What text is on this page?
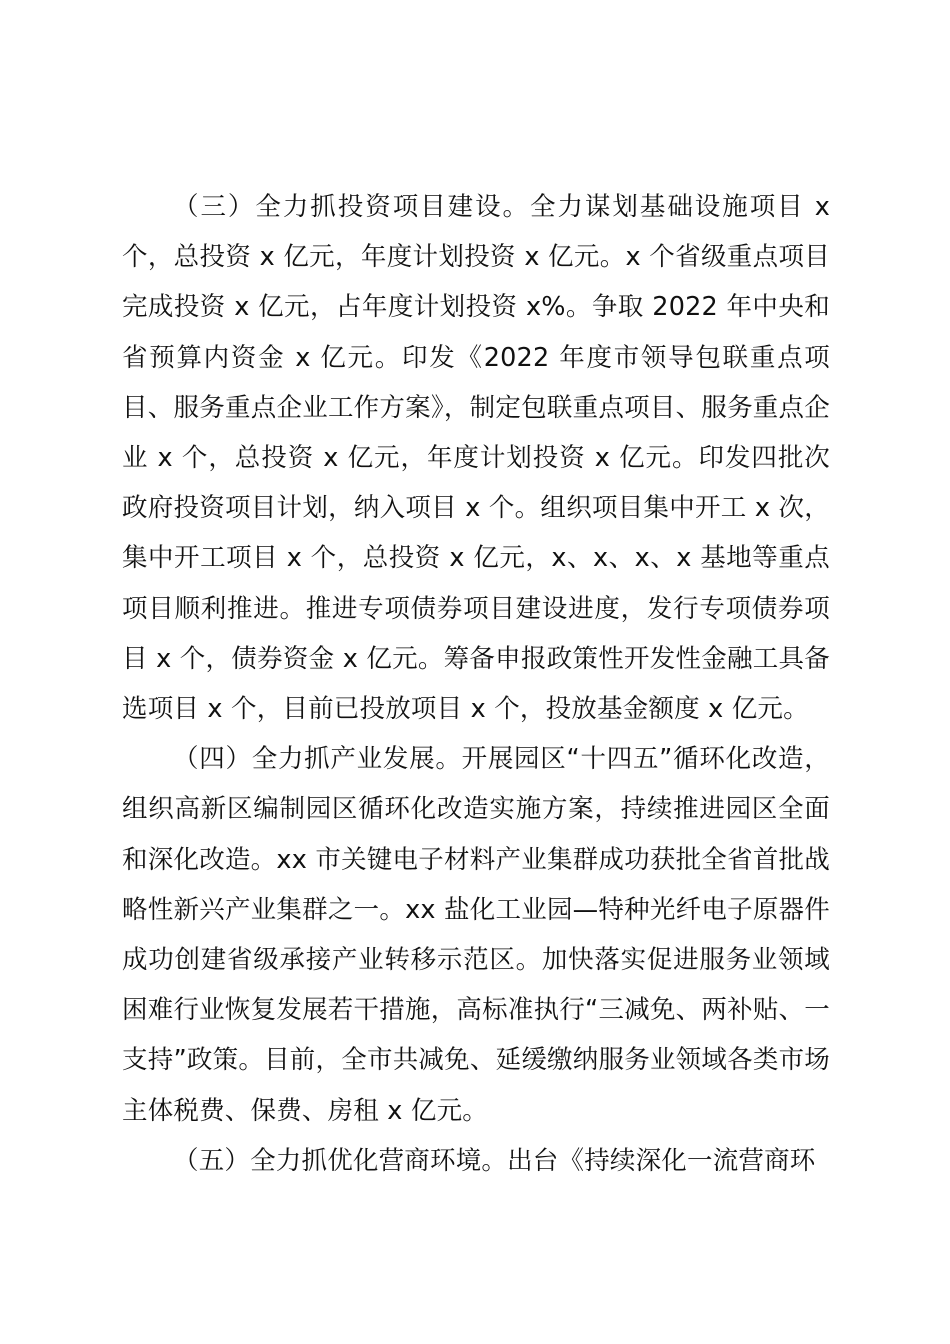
（三）全力抓投资项目建设。全力谋划基础设施项目 x 个，总投资 x 亿元，年度计划投资 x 亿元。x 个省级重点项目完成投资 x 亿元，占年度计划投资 x%。争取 2022 年中央和省预算内资金 x 亿元。印发《2022 年度市领导包联重点项目、服务重点企业工作方案》，制定包联重点项目、服务重点企业 x 个，总投资 x 亿元，年度计划投资 x 亿元。印发四批次政府投资项目计划，纳入项目 x 个。组织项目集中开工 x 次，集中开工项目 x 个，总投资 x 亿元，x、x、x、x 基地等重点项目顺利推进。推进专项债券项目建设进度，发行专项债券项目 x 个，债券资金 x 亿元。筹备申报政策性开发性金融工具备选项目 x 个，目前已投放项目 x 个，投放基金额度 x 亿元。

（四）全力抓产业发展。开展园区“十四五”循环化改造，组织高新区编制园区循环化改造实施方案，持续推进园区全面和深化改造。xx 市关键电子材料产业集群成功获批全省首批战略性新兴产业集群之一。xx 盐化工业园—特种光纤电子原器件成功创建省级承接产业转移示范区。加快落实促进服务业领域困难行业恢复发展若干措施，高标准执行“三减免、两补贴、一支持”政策。目前，全市共减免、延缓缴纳服务业领域各类市场主体税费、保费、房租 x 亿元。

（五）全力抓优化营商环境。出台《持续深化一流营商环
